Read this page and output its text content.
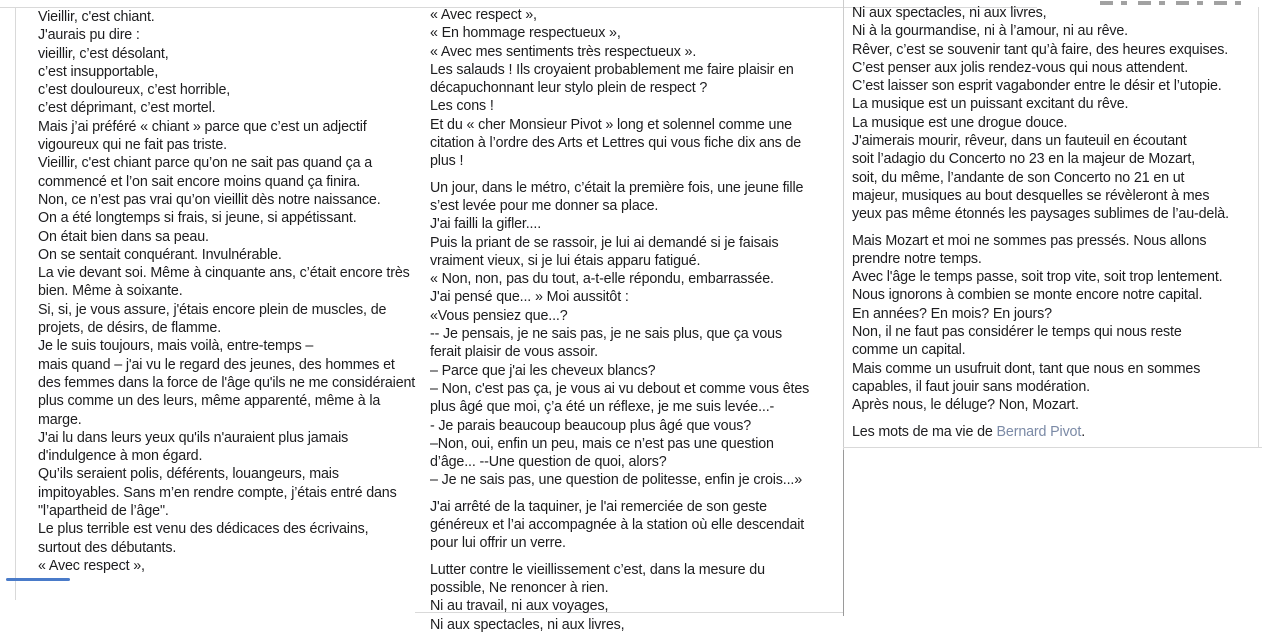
Vieillir, c'est chiant.
J'aurais pu dire :
vieillir, c’est désolant,
c’est insupportable,
c’est douloureux, c’est horrible,
c’est déprimant, c’est mortel.
Mais j’ai préféré « chiant » parce que c’est un adjectif
vigoureux qui ne fait pas triste.
Vieillir, c'est chiant parce qu’on ne sait pas quand ça a
commencé et l’on sait encore moins quand ça finira.
Non, ce n’est pas vrai qu’on vieillit dès notre naissance.
On a été longtemps si frais, si jeune, si appétissant.
On était bien dans sa peau.
On se sentait conquérant. Invulnérable.
La vie devant soi. Même à cinquante ans, c’était encore très
bien. Même à soixante.
Si, si, je vous assure, j'étais encore plein de muscles, de
projets, de désirs, de flamme.
Je le suis toujours, mais voilà, entre-temps –
mais quand – j'ai vu le regard des jeunes, des hommes et
des femmes dans la force de l'âge qu'ils ne me considéraient
plus comme un des leurs, même apparenté, même à la
marge.
J'ai lu dans leurs yeux qu'ils n'auraient plus jamais
d'indulgence à mon égard.
Qu’ils seraient polis, déférents, louangeurs, mais
impitoyables. Sans m’en rendre compte, j’étais entré dans
"l’apartheid de l’âge".
Le plus terrible est venu des dédicaces des écrivains,
surtout des débutants.
« Avec respect »,

« Avec respect »,
« En hommage respectueux »,
« Avec mes sentiments très respectueux ».
Les salauds ! Ils croyaient probablement me faire plaisir en
décapuchonnant leur stylo plein de respect ?
Les cons !
Et du « cher Monsieur Pivot » long et solennel comme une
citation à l’ordre des Arts et Lettres qui vous fiche dix ans de
plus !

Un jour, dans le métro, c’était la première fois, une jeune fille
s’est levée pour me donner sa place.
J'ai failli la gifler....
Puis la priant de se rassoir, je lui ai demandé si je faisais
vraiment vieux, si je lui étais apparu fatigué.
« Non, non, pas du tout, a-t-elle répondu, embarrassée.
J'ai pensé que... » Moi aussitôt :
«Vous pensiez que...?
-- Je pensais, je ne sais pas, je ne sais plus, que ça vous
ferait plaisir de vous assoir.
– Parce que j'ai les cheveux blancs?
– Non, c'est pas ça, je vous ai vu debout et comme vous êtes
plus âgé que moi, ç’a été un réflexe, je me suis levée...-
- Je parais beaucoup beaucoup plus âgé que vous?
–Non, oui, enfin un peu, mais ce n’est pas une question
d’âge... --Une question de quoi, alors?
– Je ne sais pas, une question de politesse, enfin je crois...»

J'ai arrêté de la taquiner, je l'ai remerciée de son geste
généreux et l’ai accompagnée à la station où elle descendait
pour lui offrir un verre.

Lutter contre le vieillissement c’est, dans la mesure du
possible, Ne renoncer à rien.
Ni au travail, ni aux voyages,
Ni aux spectacles, ni aux livres,

Ni aux spectacles, ni aux livres,
Ni à la gourmandise, ni à l’amour, ni au rêve.
Rêver, c’est se souvenir tant qu’à faire, des heures exquises.
C’est penser aux jolis rendez-vous qui nous attendent.
C’est laisser son esprit vagabonder entre le désir et l’utopie.
La musique est un puissant excitant du rêve.
La musique est une drogue douce.
J'aimerais mourir, rêveur, dans un fauteuil en écoutant
soit l’adagio du Concerto no 23 en la majeur de Mozart,
soit, du même, l’andante de son Concerto no 21 en ut
majeur, musiques au bout desquelles se révèleront à mes
yeux pas même étonnés les paysages sublimes de l’au-delà.

Mais Mozart et moi ne sommes pas pressés. Nous allons
prendre notre temps.
Avec l'âge le temps passe, soit trop vite, soit trop lentement.
Nous ignorons à combien se monte encore notre capital.
En années? En mois? En jours?
Non, il ne faut pas considérer le temps qui nous reste
comme un capital.
Mais comme un usufruit dont, tant que nous en sommes
capables, il faut jouir sans modération.
Après nous, le déluge? Non, Mozart.

Les mots de ma vie de Bernard Pivot.
